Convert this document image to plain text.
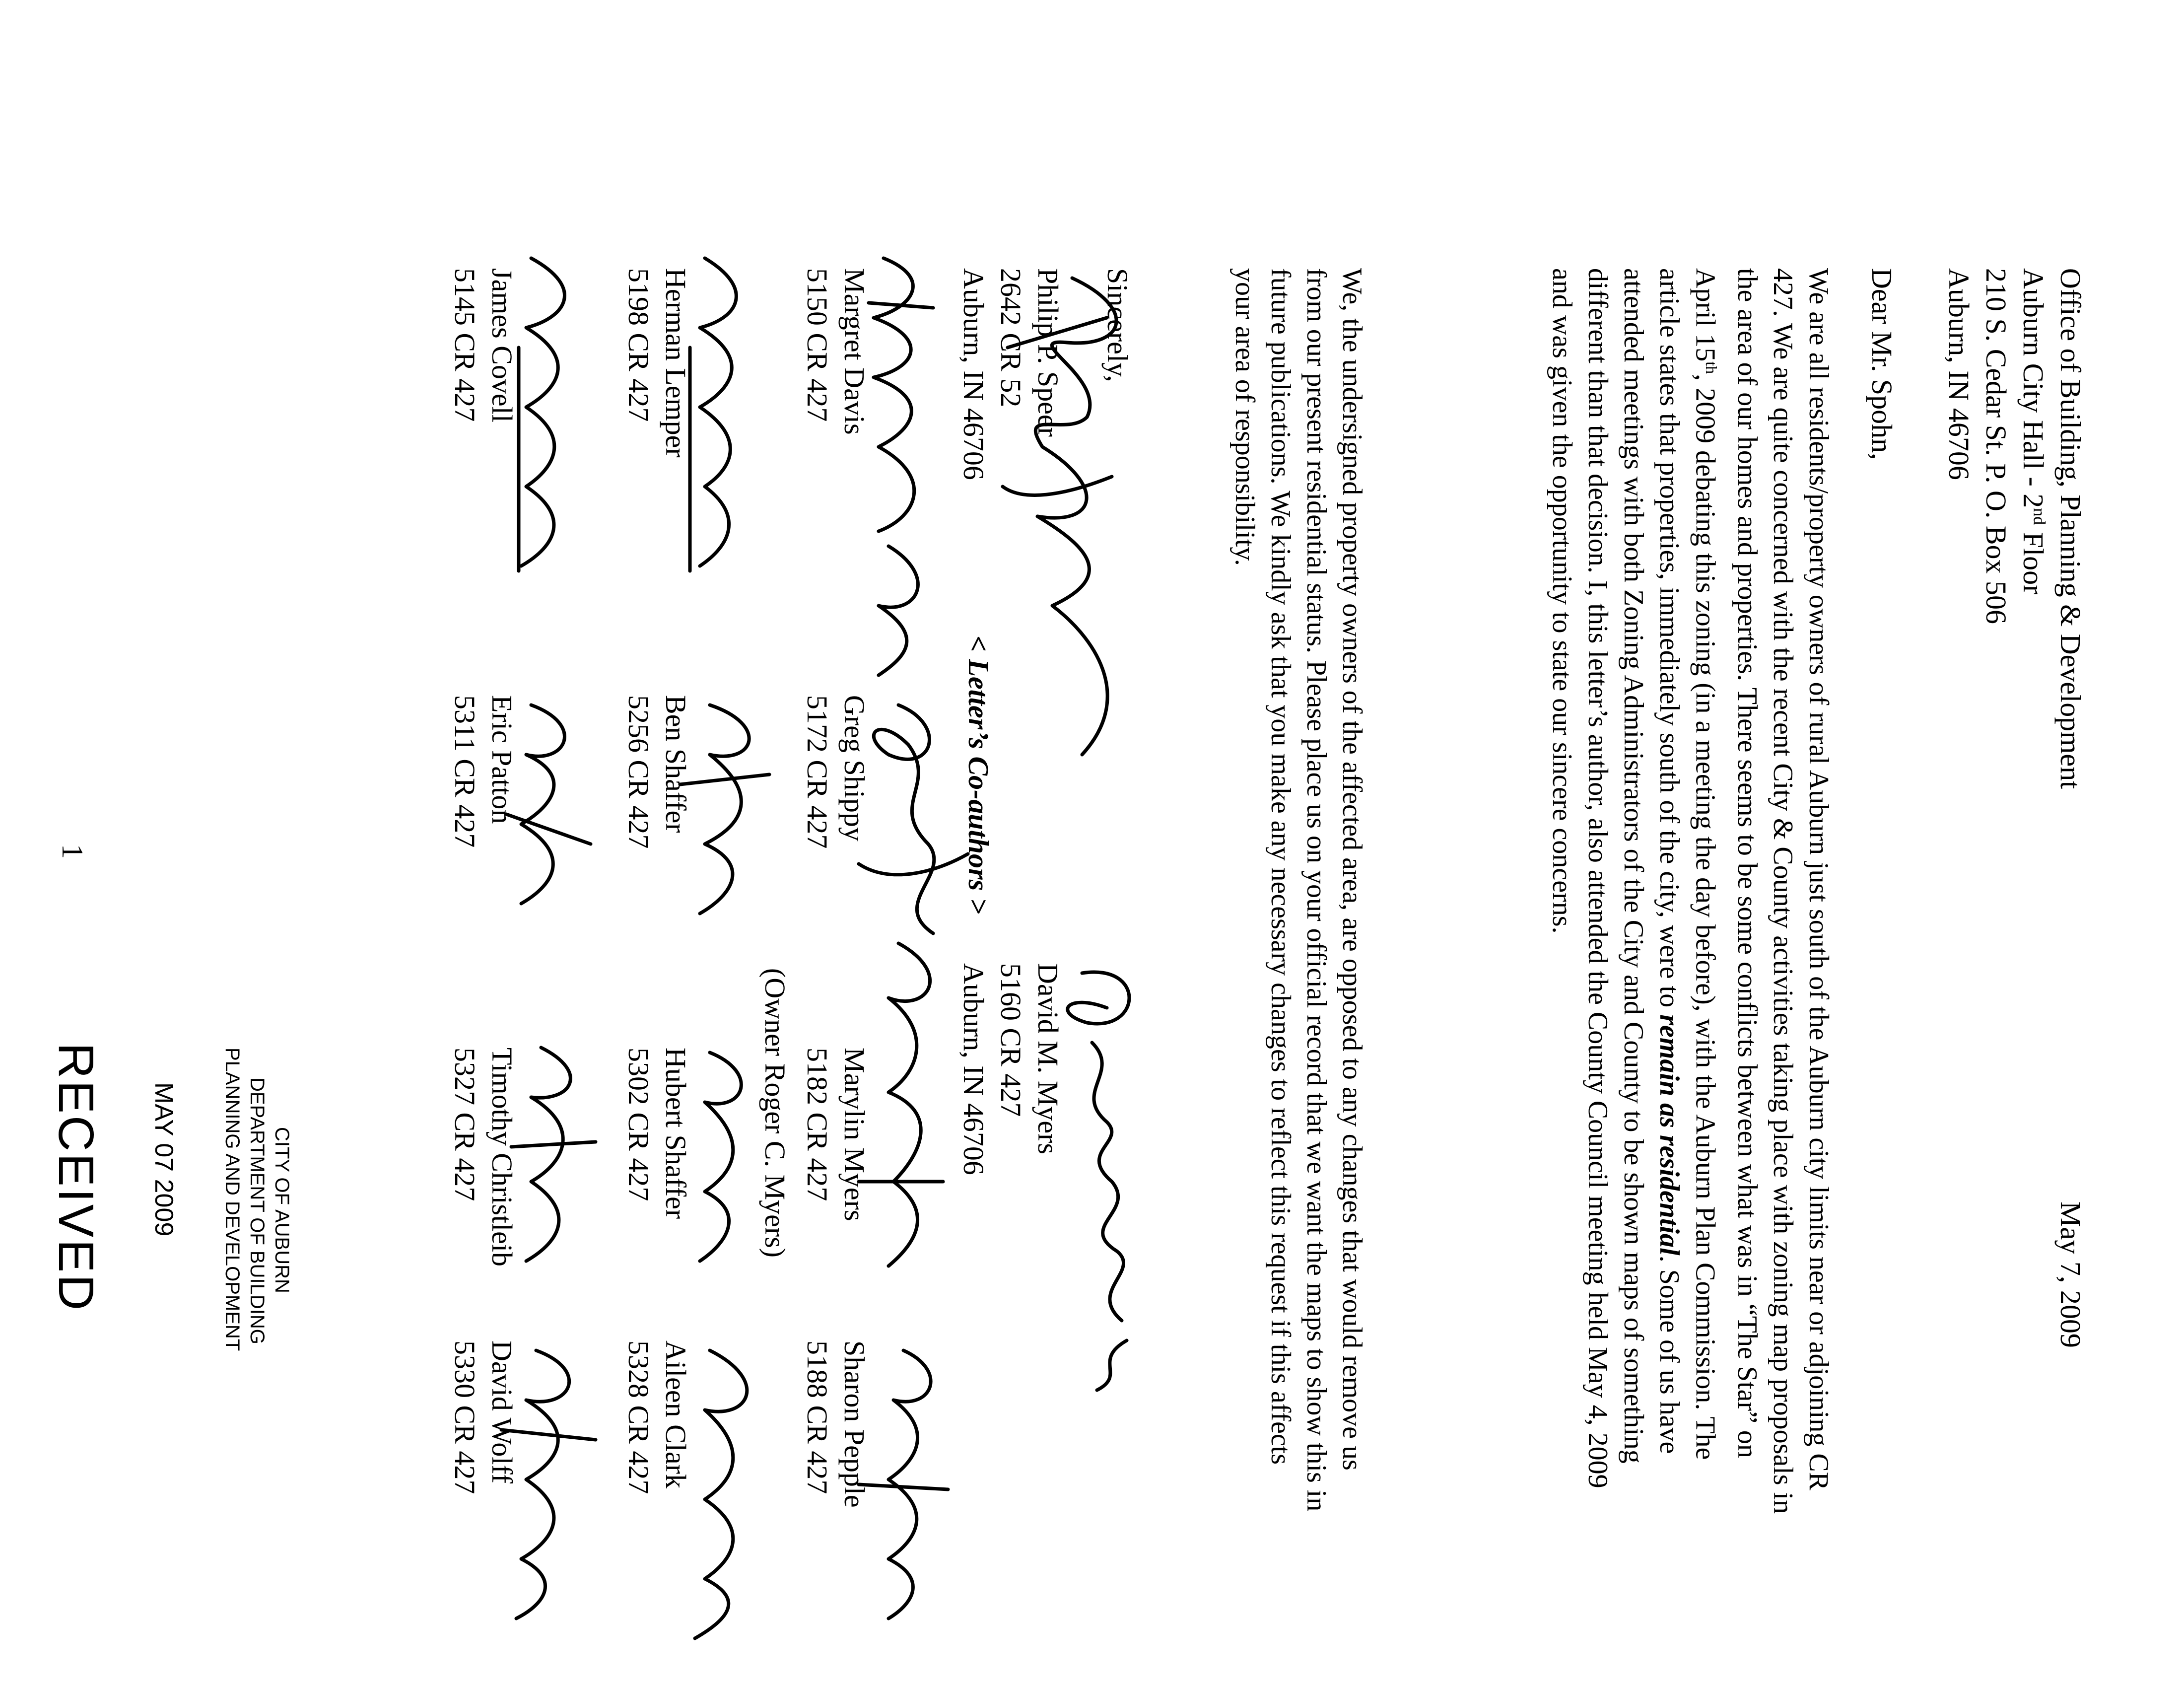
Office of Building, Planning & Development
Auburn City Hall - 2nd Floor
210 S. Cedar St. P. O. Box 506
Auburn, IN 46706
May 7, 2009
Dear Mr. Spohn,
We are all residents/property owners of rural Auburn just south of the Auburn city limits near or adjoining CR 427. We are quite concerned with the recent City & County activities taking place with zoning map proposals in the area of our homes and properties. There seems to be some conflicts between what was in “The Star” on April 15th, 2009 debating this zoning (in a meeting the day before), with the Auburn Plan Commission. The article states that properties, immediately south of the city, were to remain as residential. Some of us have attended meetings with both Zoning Administrators of the City and County to be shown maps of something different than that decision. I, this letter’s author, also attended the County Council meeting held May 4, 2009 and was given the opportunity to state our sincere concerns.
We, the undersigned property owners of the affected area, are opposed to any changes that would remove us from our present residential status. Please place us on your official record that we want the maps to show this in future publications. We kindly ask that you make any necessary changes to reflect this request if this affects your area of responsibility.
Sincerely,
Philip P. Speer
2642 CR 52
Auburn, IN 46706
David M. Myers
5160 CR 427
Auburn, IN 46706
< Letter’s Co-authors >
Margret Davis
5150 CR 427
Greg Shippy
5172 CR 427
Marylin Myers
5182 CR 427
Sharon Pepple
5188 CR 427
(Owner Roger C. Myers)
Herman Lemper
5198 CR 427
Ben Shaffer
5256 CR 427
Hubert Shaffer
5302 CR 427
Aileen Clark
5328 CR 427
James Covell
5145 CR 427
Eric Patton
5311 CR 427
Timothy Christleib
5327 CR 427
David Wolff
5330 CR 427
1
CITY OF AUBURN
DEPARTMENT OF BUILDING
PLANNING AND DEVELOPMENT
MAY 07 2009
RECEIVED
